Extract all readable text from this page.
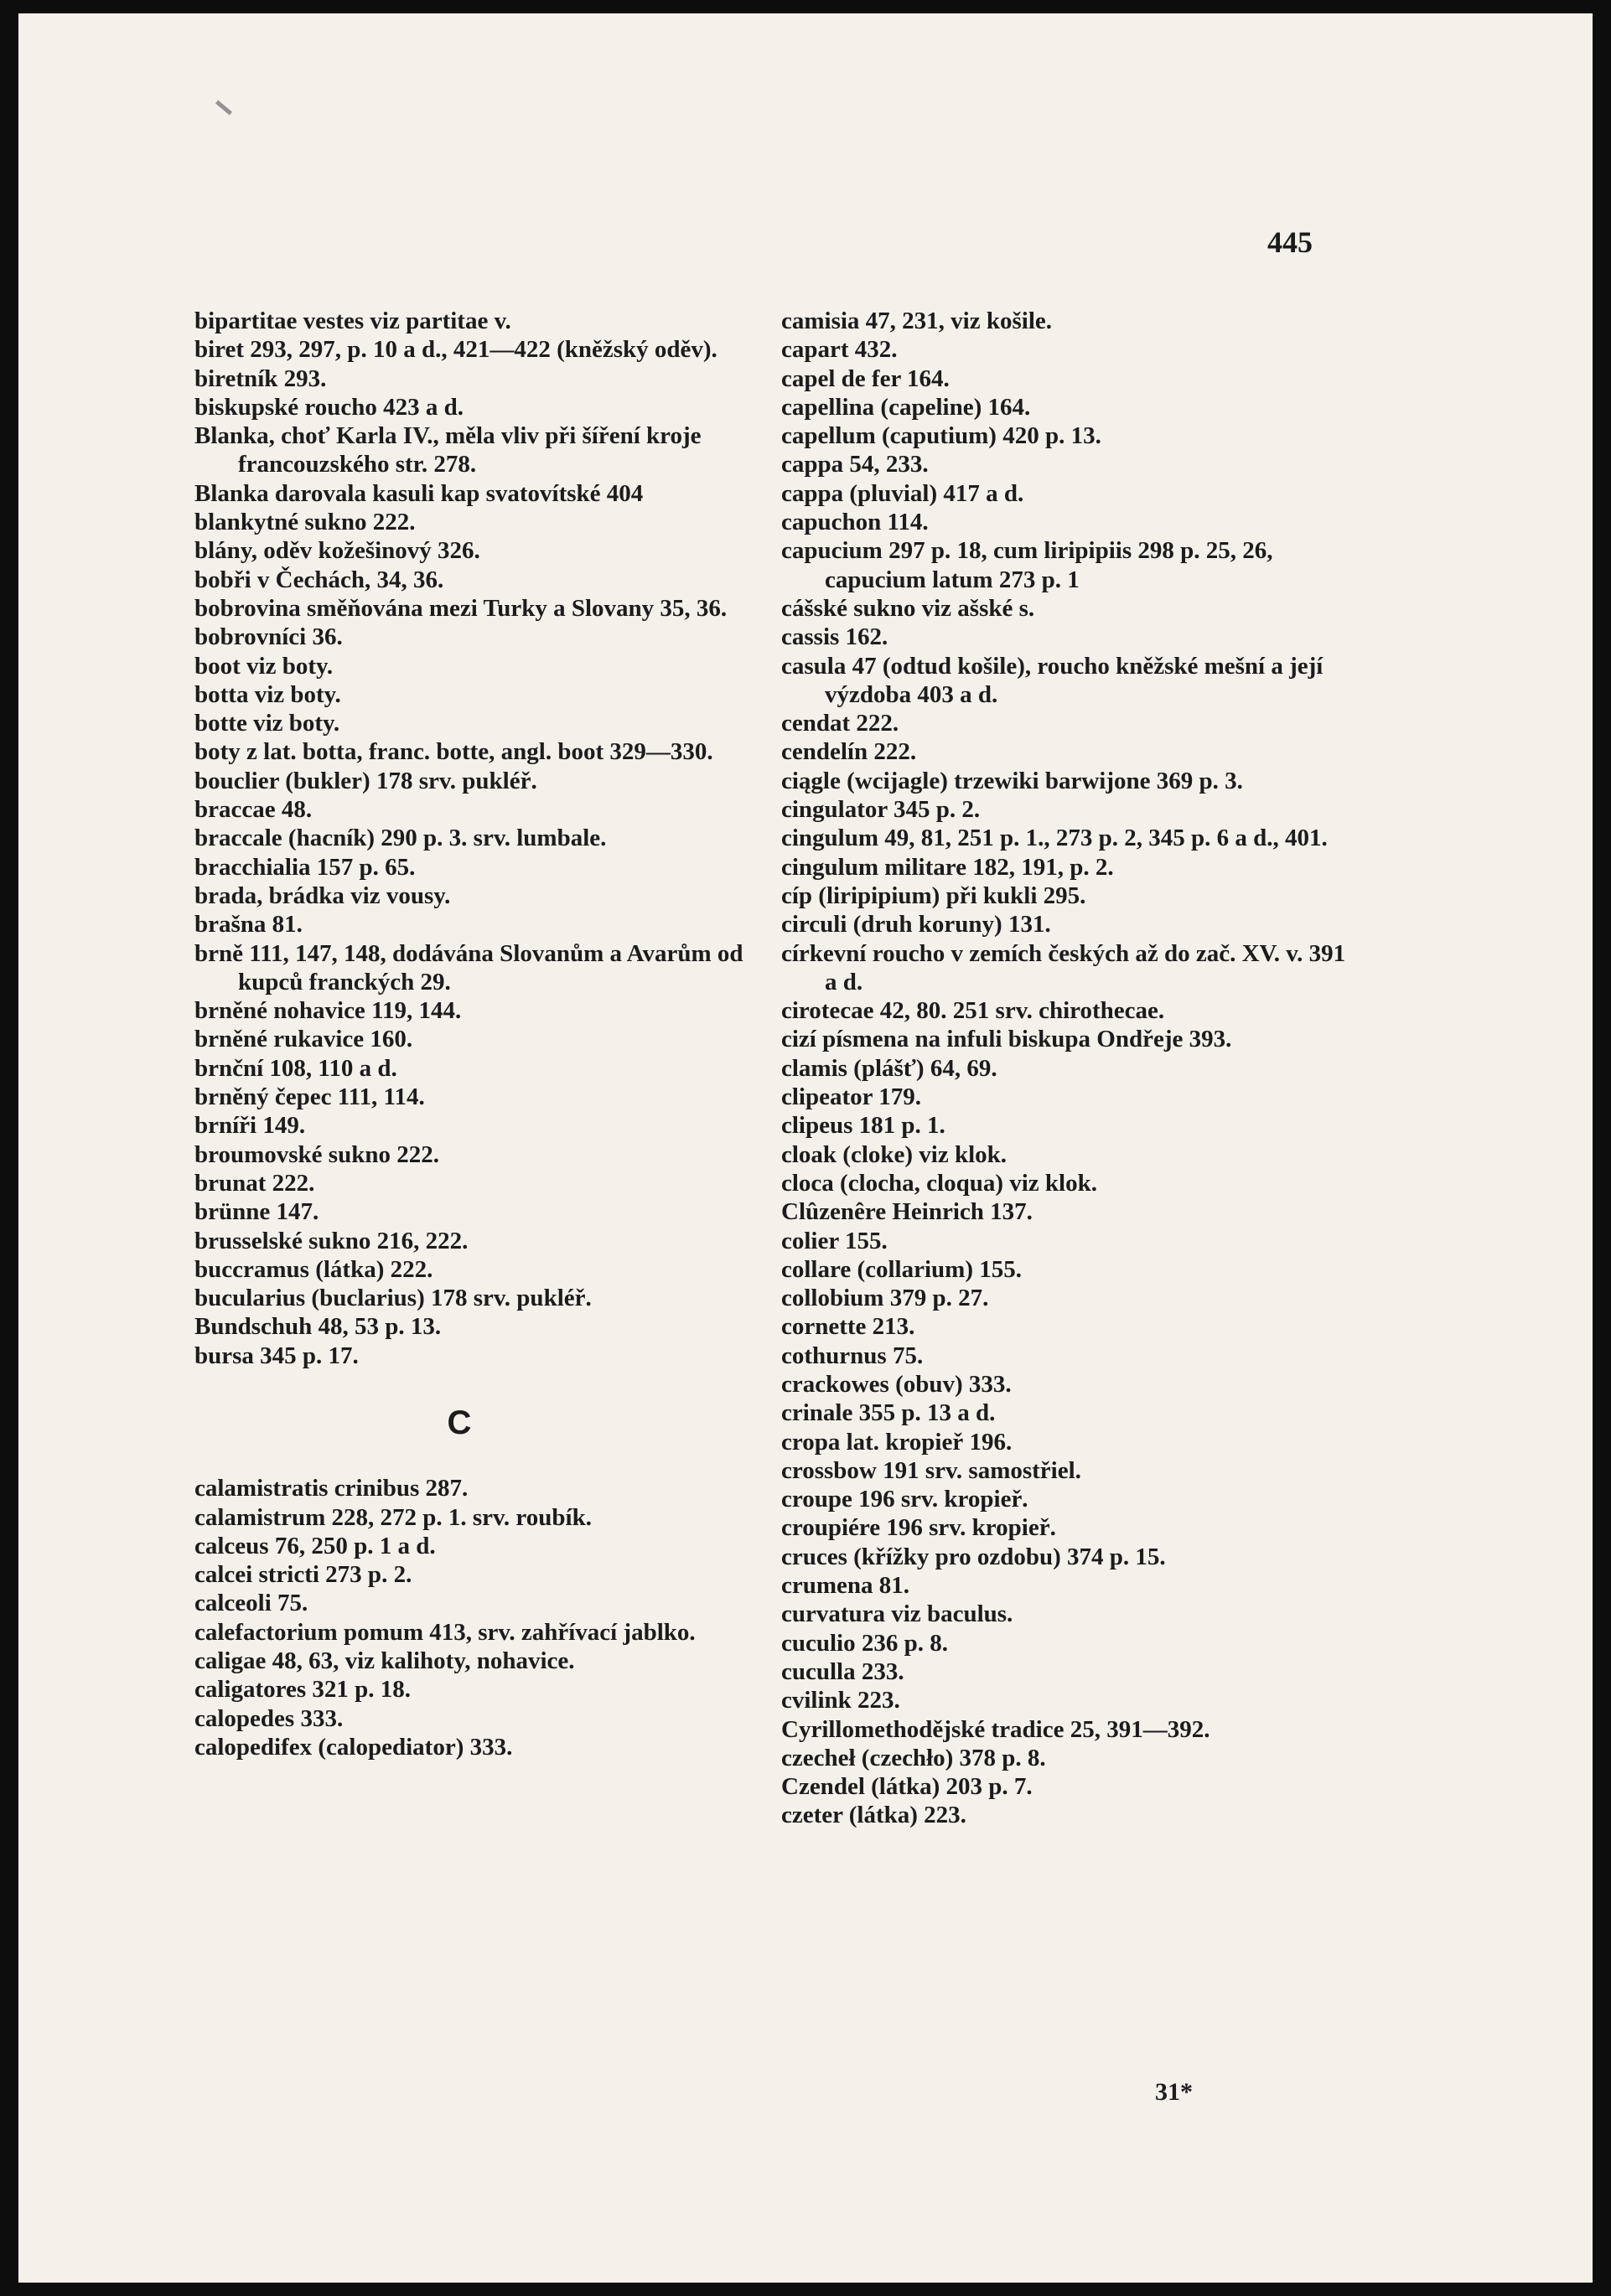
445

bipartitae vestes viz partitae v.

biret 293, 297, p. 10 a d., 421—422 (kněžský oděv).

biretník 293.

biskupské roucho 423 a d.

Blanka, choť Karla IV., měla vliv při šíření kroje francouzského str. 278.

Blanka darovala kasuli kap svatovítské 404

blankytné sukno 222.

blány, oděv kožešinový 326.

bobři v Čechách, 34, 36.

bobrovina směňována mezi Turky a Slovany 35, 36.

bobrovníci 36.

boot viz boty.

botta viz boty.

botte viz boty.

boty z lat. botta, franc. botte, angl. boot 329—330.

bouclier (bukler) 178 srv. pukléř.

braccae 48.

braccale (hacník) 290 p. 3. srv. lumbale.

bracchialia 157 p. 65.

brada, brádka viz vousy.

brašna 81.

brně 111, 147, 148, dodávána Slovanům a Avarům od kupců franckých 29.

brněné nohavice 119, 144.

brněné rukavice 160.

brnční 108, 110 a d.

brněný čepec 111, 114.

brníři 149.

broumovské sukno 222.

brunat 222.

brünne 147.

brusselské sukno 216, 222.

buccramus (látka) 222.

bucularius (buclarius) 178 srv. pukléř.

Bundschuh 48, 53 p. 13.

bursa 345 p. 17.

C

calamistratis crinibus 287.

calamistrum 228, 272 p. 1. srv. roubík.

calceus 76, 250 p. 1 a d.

calcei stricti 273 p. 2.

calceoli 75.

calefactorium pomum 413, srv. zahřívací jablko.

caligae 48, 63, viz kalihoty, nohavice.

caligatores 321 p. 18.

calopedes 333.

calopedifex (calopediator) 333.

camisia 47, 231, viz košile.

capart 432.

capel de fer 164.

capellina (capeline) 164.

capellum (caputium) 420 p. 13.

cappa 54, 233.

cappa (pluvial) 417 a d.

capuchon 114.

capucium 297 p. 18, cum liripipiis 298 p. 25, 26, capucium latum 273 p. 1

cášské sukno viz ašské s.

cassis 162.

casula 47 (odtud košile), roucho kněžské mešní a její výzdoba 403 a d.

cendat 222.

cendelín 222.

ciągle (wcijagle) trzewiki barwijone 369 p. 3.

cingulator 345 p. 2.

cingulum 49, 81, 251 p. 1., 273 p. 2, 345 p. 6 a d., 401.

cingulum militare 182, 191, p. 2.

cíp (liripipium) při kukli 295.

circuli (druh koruny) 131.

církevní roucho v zemích českých až do zač. XV. v. 391 a d.

cirotecae 42, 80. 251 srv. chirothecae.

cizí písmena na infuli biskupa Ondřeje 393.

clamis (plášť) 64, 69.

clipeator 179.

clipeus 181 p. 1.

cloak (cloke) viz klok.

cloca (clocha, cloqua) viz klok.

Clûzenêre Heinrich 137.

colier 155.

collare (collarium) 155.

collobium 379 p. 27.

cornette 213.

cothurnus 75.

crackowes (obuv) 333.

crinale 355 p. 13 a d.

cropa lat. kropieř 196.

crossbow 191 srv. samostřiel.

croupe 196 srv. kropieř.

croupiére 196 srv. kropieř.

cruces (křížky pro ozdobu) 374 p. 15.

crumena 81.

curvatura viz baculus.

cuculio 236 p. 8.

cuculla 233.

cvilink 223.

Cyrillomethodějské tradice 25, 391—392.

czecheł (czechło) 378 p. 8.

Czendel (látka) 203 p. 7.

czeter (látka) 223.

31*
